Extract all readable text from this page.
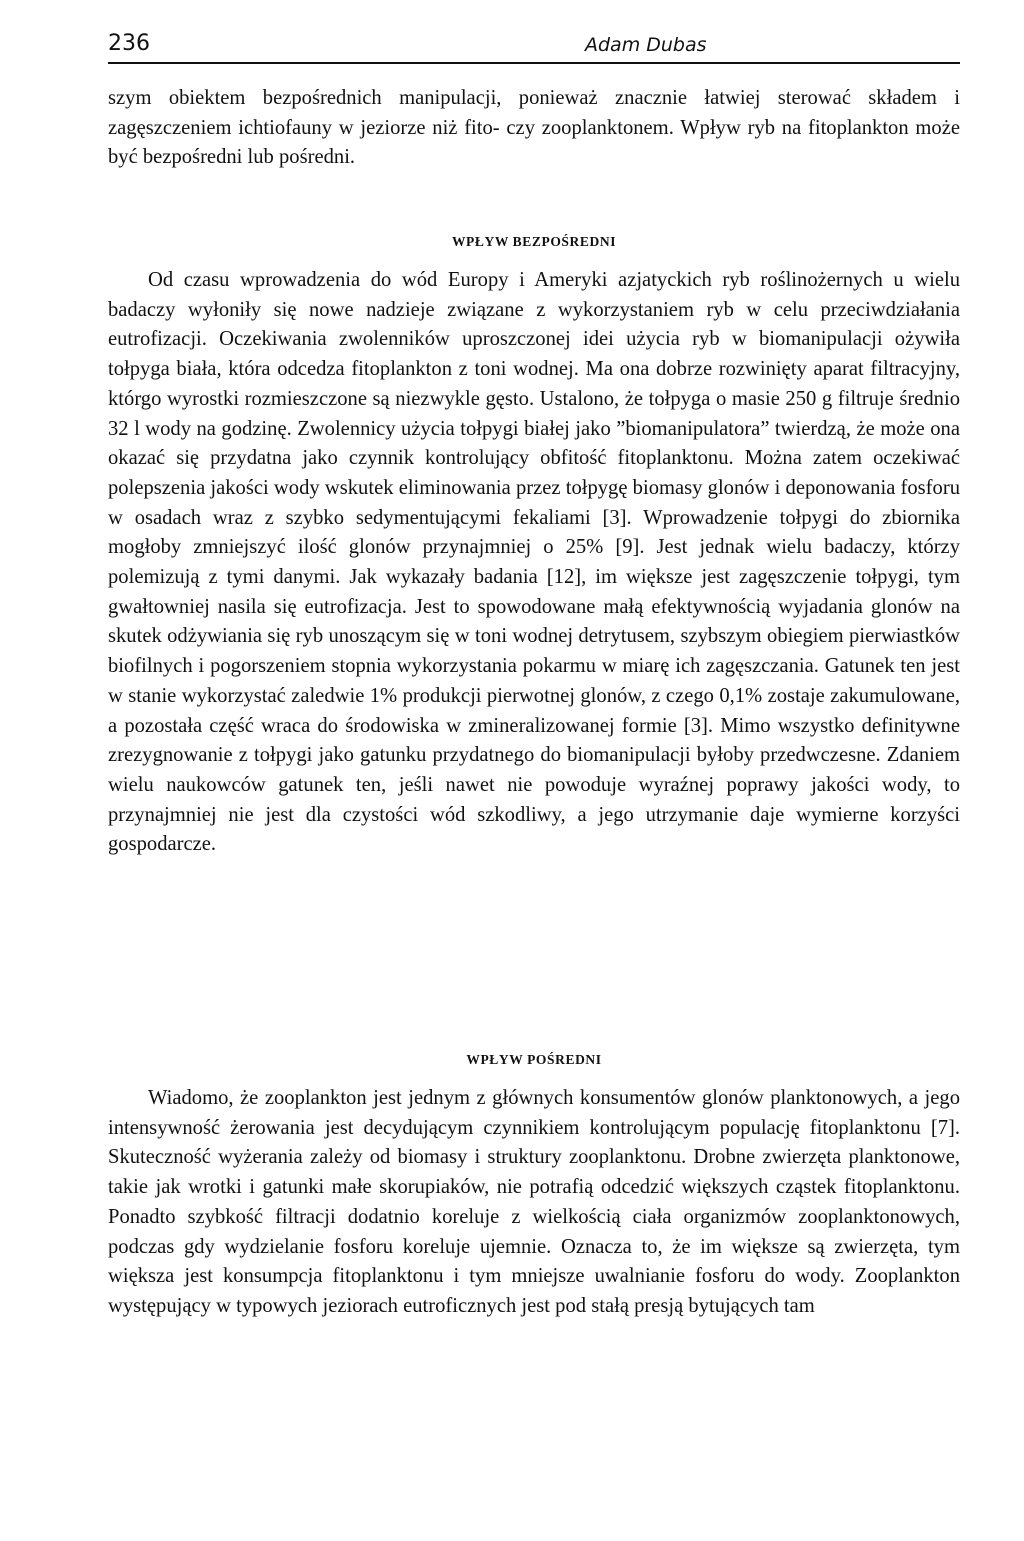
236	Adam Dubas

szym obiektem bezpośrednich manipulacji, ponieważ znacznie łatwiej sterować składem i zagęszczeniem ichtiofauny w jeziorze niż fito- czy zooplanktonem. Wpływ ryb na fitoplankton może być bezpośredni lub pośredni.

WPŁYW BEZPOŚREDNI

Od czasu wprowadzenia do wód Europy i Ameryki azjatyckich ryb roślinożernych u wielu badaczy wyłoniły się nowe nadzieje związane z wykorzystaniem ryb w celu przeciwdziałania eutrofizacji. Oczekiwania zwolenników uproszczonej idei użycia ryb w biomanipulacji ożywiła tołpyga biała, która odcedza fitoplankton z toni wodnej. Ma ona dobrze rozwinięty aparat filtracyjny, którgo wyrostki rozmieszczone są niezwykle gęsto. Ustalono, że tołpyga o masie 250 g filtruje średnio 32 l wody na godzinę. Zwolennicy użycia tołpygi białej jako ”biomanipulatora” twierdzą, że może ona okazać się przydatna jako czynnik kontrolujący obfitość fitoplanktonu. Można zatem oczekiwać polepszenia jakości wody wskutek eliminowania przez tołpygę biomasy glonów i deponowania fosforu w osadach wraz z szybko sedymentującymi fekaliami [3]. Wprowadzenie tołpygi do zbiornika mogłoby zmniejszyć ilość glonów przynajmniej o 25% [9]. Jest jednak wielu badaczy, którzy polemizują z tymi danymi. Jak wykazały badania [12], im większe jest zagęszczenie tołpygi, tym gwałtowniej nasila się eutrofizacja. Jest to spowodowane małą efektywnością wyjadania glonów na skutek odżywiania się ryb unoszącym się w toni wodnej detrytusem, szybszym obiegiem pierwiastków biofilnych i pogorszeniem stopnia wykorzystania pokarmu w miarę ich zagęszczania. Gatunek ten jest w stanie wykorzystać zaledwie 1% produkcji pierwotnej glonów, z czego 0,1% zostaje zakumulowane, a pozostała część wraca do środowiska w zmineralizowanej formie [3]. Mimo wszystko definitywne zrezygnowanie z tołpygi jako gatunku przydatnego do biomanipulacji byłoby przedwczesne. Zdaniem wielu naukowców gatunek ten, jeśli nawet nie powoduje wyraźnej poprawy jakości wody, to przynajmniej nie jest dla czystości wód szkodliwy, a jego utrzymanie daje wymierne korzyści gospodarcze.

WPŁYW POŚREDNI

Wiadomo, że zooplankton jest jednym z głównych konsumentów glonów planktonowych, a jego intensywność żerowania jest decydującym czynnikiem kontrolującym populację fitoplanktonu [7]. Skuteczność wyżerania zależy od biomasy i struktury zooplanktonu. Drobne zwierzęta planktonowe, takie jak wrotki i gatunki małe skorupiaków, nie potrafią odcedzić większych cząstek fitoplanktonu. Ponadto szybkość filtracji dodatnio koreluje z wielkością ciała organizmów zooplanktonowych, podczas gdy wydzielanie fosforu koreluje ujemnie. Oznacza to, że im większe są zwierzęta, tym większa jest konsumpcja fitoplanktonu i tym mniejsze uwalnianie fosforu do wody. Zooplankton występujący w typowych jeziorach eutroficznych jest pod stałą presją bytujących tam
